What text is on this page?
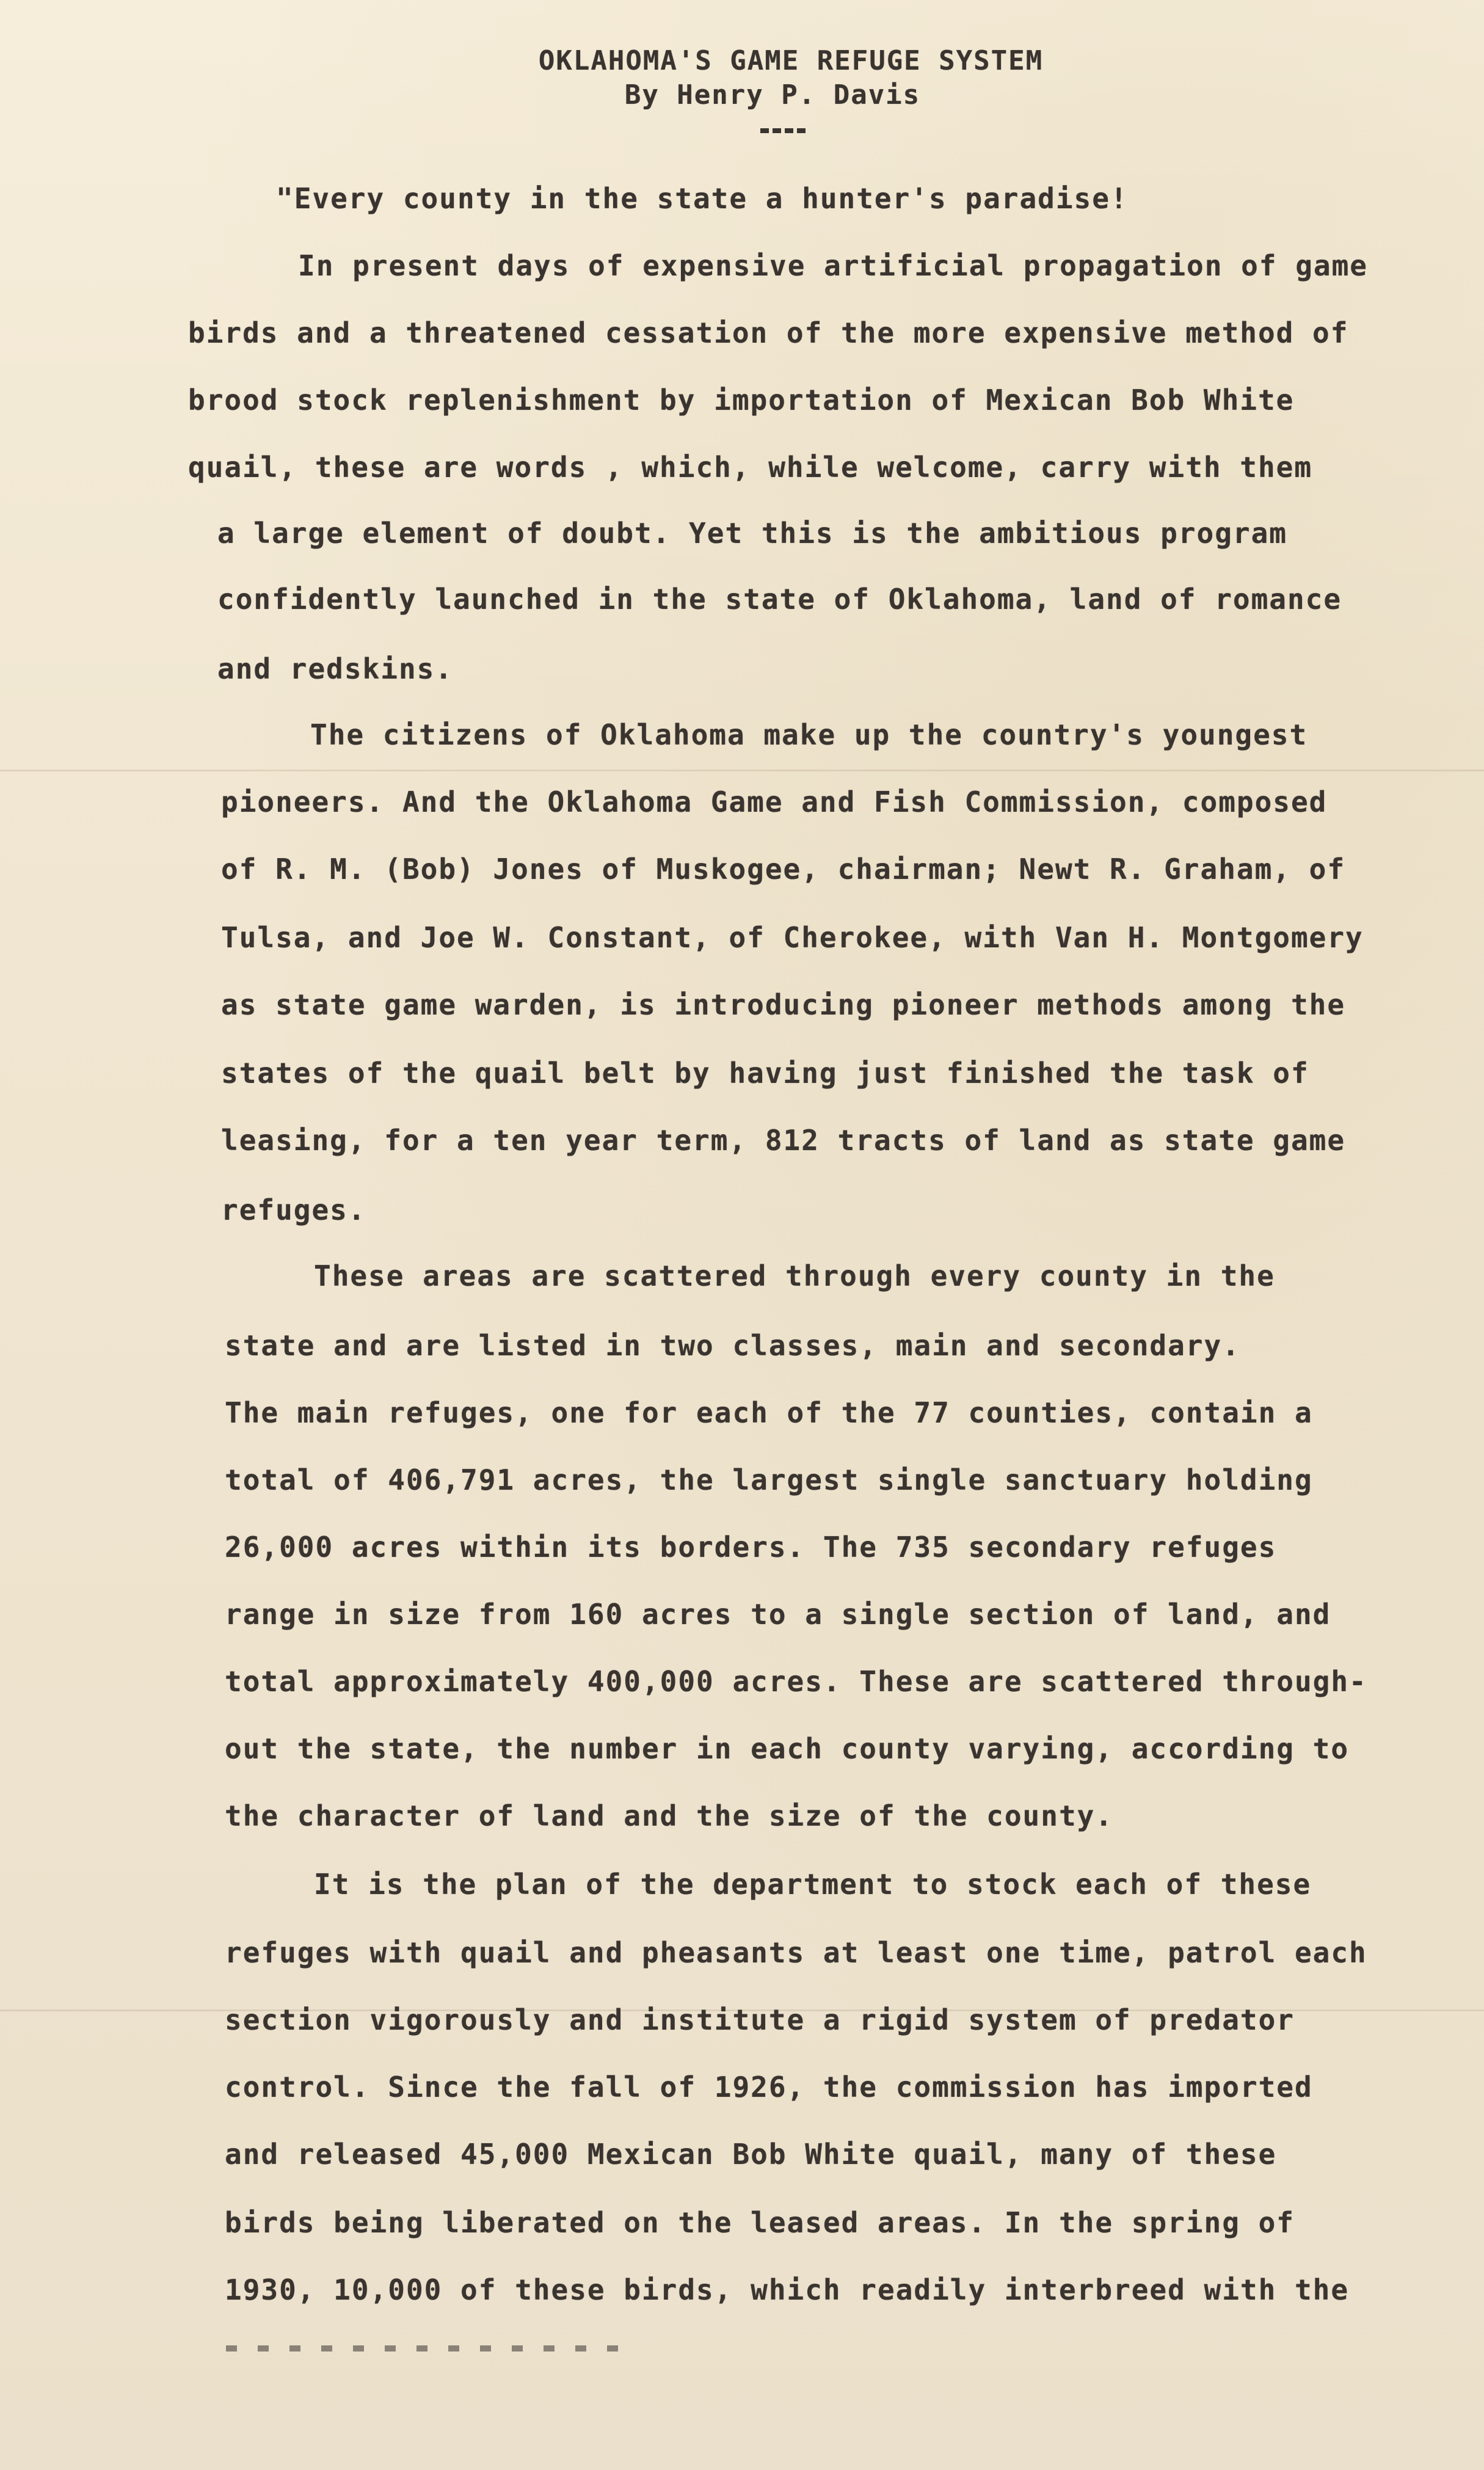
OKLAHOMA'S GAME REFUGE SYSTEM
By Henry P. Davis
"Every county in the state a hunter's paradise!
In present days of expensive artificial propagation of game
birds and a threatened cessation of the more expensive method of
brood stock replenishment by importation of Mexican Bob White
quail, these are words , which, while welcome, carry with them
a large element of doubt. Yet this is the ambitious program
confidently launched in the state of Oklahoma, land of romance
and redskins.
The citizens of Oklahoma make up the country's youngest
pioneers. And the Oklahoma Game and Fish Commission, composed
of R. M. (Bob) Jones of Muskogee, chairman; Newt R. Graham, of
Tulsa, and Joe W. Constant, of Cherokee, with Van H. Montgomery
as state game warden, is introducing pioneer methods among the
states of the quail belt by having just finished the task of
leasing, for a ten year term, 812 tracts of land as state game
refuges.
These areas are scattered through every county in the
state and are listed in two classes, main and secondary.
The main refuges, one for each of the 77 counties, contain a
total of 406,791 acres, the largest single sanctuary holding
26,000 acres within its borders. The 735 secondary refuges
range in size from 160 acres to a single section of land, and
total approximately 400,000 acres. These are scattered through-
out the state, the number in each county varying, according to
the character of land and the size of the county.
It is the plan of the department to stock each of these
refuges with quail and pheasants at least one time, patrol each
section vigorously and institute a rigid system of predator
control. Since the fall of 1926, the commission has imported
and released 45,000 Mexican Bob White quail, many of these
birds being liberated on the leased areas. In the spring of
1930, 10,000 of these birds, which readily interbreed with the
